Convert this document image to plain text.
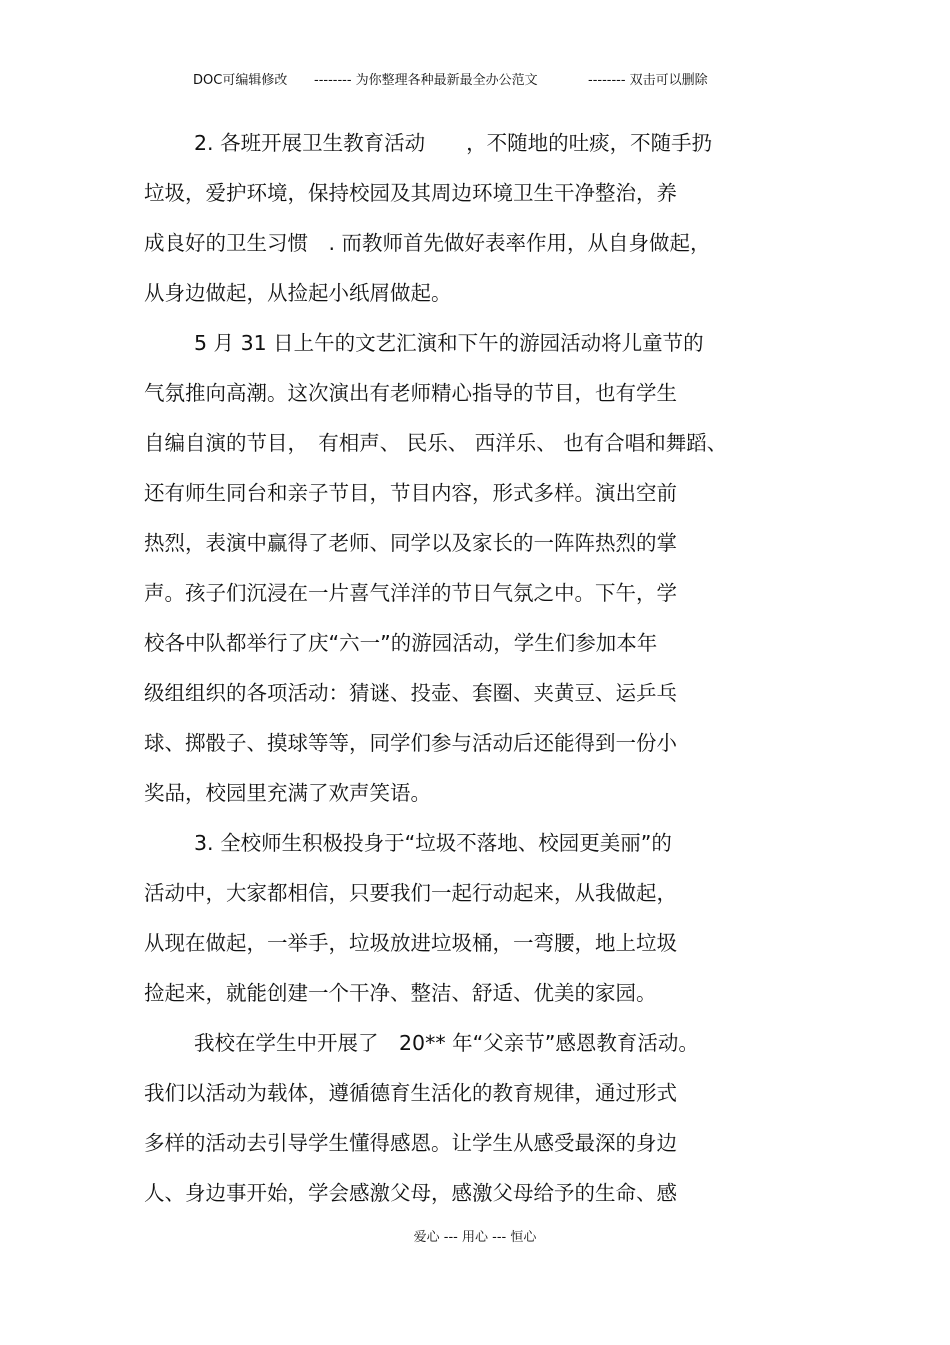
DOC可编辑修改 -------- 为你整理各种最新最全办公范文	-------- 双击可以删除
2. 各班开展卫生教育活动　　，不随地的吐痰，不随手扔
垃圾，爱护环境，保持校园及其周边环境卫生干净整治，养
成良好的卫生习惯　. 而教师首先做好表率作用，从自身做起，
从身边做起，从捡起小纸屑做起。
5 月 31 日上午的文艺汇演和下午的游园活动将儿童节的
气氛推向高潮。这次演出有老师精心指导的节目，也有学生
自编自演的节目，　有相声、 民乐、 西洋乐、 也有合唱和舞蹈、
还有师生同台和亲子节目，节目内容，形式多样。演出空前
热烈，表演中赢得了老师、同学以及家长的一阵阵热烈的掌
声。孩子们沉浸在一片喜气洋洋的节日气氛之中。下午，学
校各中队都举行了庆“六一”的游园活动，学生们参加本年
级组组织的各项活动：猜谜、投壶、套圈、夹黄豆、运乒乓
球、掷骰子、摸球等等，同学们参与活动后还能得到一份小
奖品，校园里充满了欢声笑语。
3. 全校师生积极投身于“垃圾不落地、校园更美丽”的
活动中，大家都相信，只要我们一起行动起来，从我做起，
从现在做起，一举手，垃圾放进垃圾桶，一弯腰，地上垃圾
捡起来，就能创建一个干净、整洁、舒适、优美的家园。
我校在学生中开展了　20** 年“父亲节”感恩教育活动。
我们以活动为载体，遵循德育生活化的教育规律，通过形式
多样的活动去引导学生懂得感恩。让学生从感受最深的身边
人、身边事开始，学会感激父母，感激父母给予的生命、感
爱心 --- 用心 --- 恒心
